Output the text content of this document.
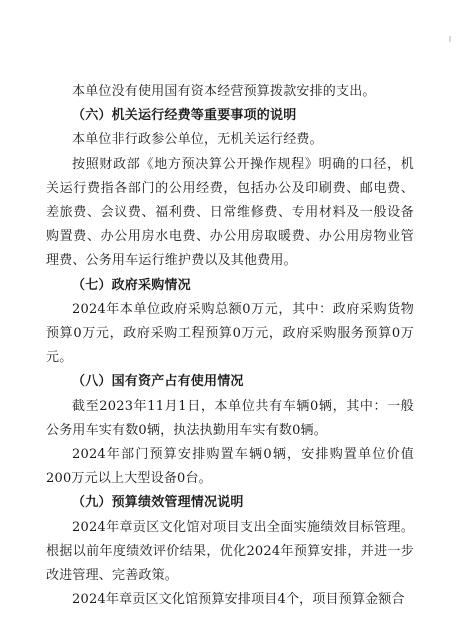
本单位没有使用国有资本经营预算拨款安排的支出。

（六）机关运行经费等重要事项的说明

本单位非行政参公单位，无机关运行经费。

按照财政部《地方预决算公开操作规程》明确的口径，机关运行费指各部门的公用经费，包括办公及印刷费、邮电费、差旅费、会议费、福利费、日常维修费、专用材料及一般设备购置费、办公用房水电费、办公用房取暖费、办公用房物业管理费、公务用车运行维护费以及其他费用。

（七）政府采购情况

2024年本单位政府采购总额0万元，其中：政府采购货物预算0万元，政府采购工程预算0万元，政府采购服务预算0万元。

（八）国有资产占有使用情况

截至2023年11月1日，本单位共有车辆0辆，其中：一般公务用车实有数0辆，执法执勤用车实有数0辆。

2024年部门预算安排购置车辆0辆，安排购置单位价值200万元以上大型设备0台。

（九）预算绩效管理情况说明

2024年章贡区文化馆对项目支出全面实施绩效目标管理。根据以前年度绩效评价结果，优化2024年预算安排，并进一步改进管理、完善政策。

2024年章贡区文化馆预算安排项目4个，项目预算金额合
